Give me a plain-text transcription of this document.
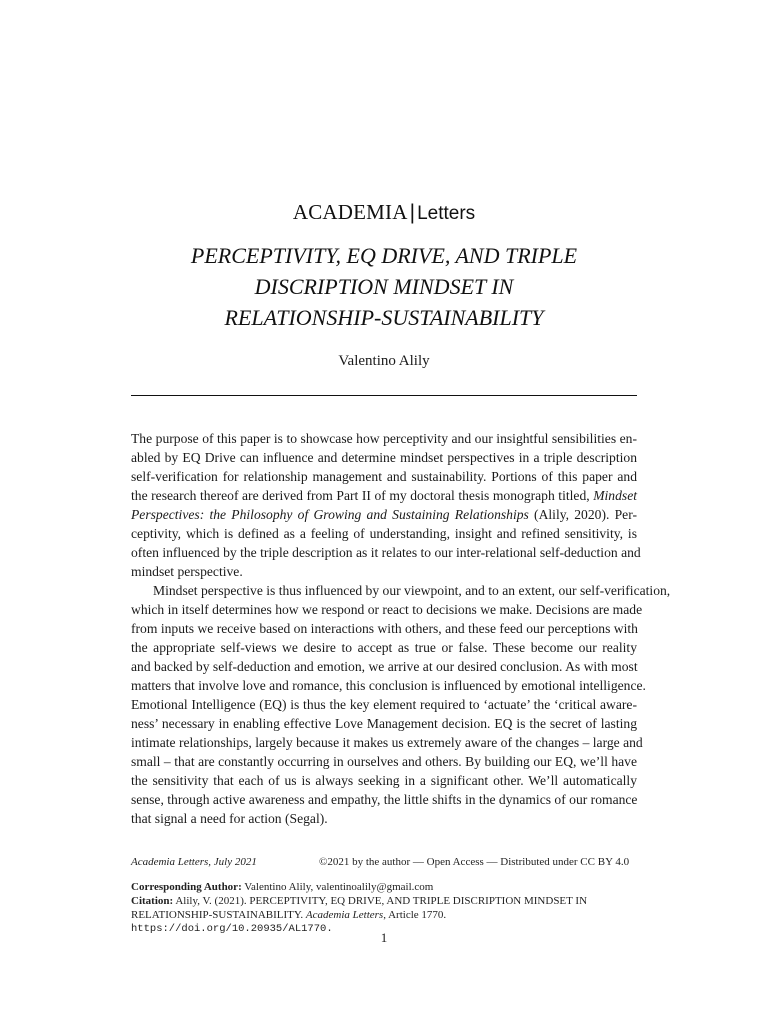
ACADEMIA| Letters
PERCEPTIVITY, EQ DRIVE, AND TRIPLE
DISCRIPTION MINDSET IN
RELATIONSHIP-SUSTAINABILITY
Valentino Alily
The purpose of this paper is to showcase how perceptivity and our insightful sensibilities en-
abled by EQ Drive can influence and determine mindset perspectives in a triple description
self-verification for relationship management and sustainability. Portions of this paper and
the research thereof are derived from Part II of my doctoral thesis monograph titled, Mindset
Perspectives: the Philosophy of Growing and Sustaining Relationships (Alily, 2020). Per-
ceptivity, which is defined as a feeling of understanding, insight and refined sensitivity, is
often influenced by the triple description as it relates to our inter-relational self-deduction and
mindset perspective.
Mindset perspective is thus influenced by our viewpoint, and to an extent, our self-verification,
which in itself determines how we respond or react to decisions we make. Decisions are made
from inputs we receive based on interactions with others, and these feed our perceptions with
the appropriate self-views we desire to accept as true or false. These become our reality
and backed by self-deduction and emotion, we arrive at our desired conclusion. As with most
matters that involve love and romance, this conclusion is influenced by emotional intelligence.
Emotional Intelligence (EQ) is thus the key element required to ‘actuate’ the ‘critical aware-
ness’ necessary in enabling effective Love Management decision. EQ is the secret of lasting
intimate relationships, largely because it makes us extremely aware of the changes – large and
small – that are constantly occurring in ourselves and others. By building our EQ, we’ll have
the sensitivity that each of us is always seeking in a significant other. We’ll automatically
sense, through active awareness and empathy, the little shifts in the dynamics of our romance
that signal a need for action (Segal).
Academia Letters, July 2021	©2021 by the author — Open Access — Distributed under CC BY 4.0
Corresponding Author: Valentino Alily, valentinoalily@gmail.com
Citation: Alily, V. (2021). PERCEPTIVITY, EQ DRIVE, AND TRIPLE DISCRIPTION MINDSET IN
RELATIONSHIP-SUSTAINABILITY. Academia Letters, Article 1770.
https://doi.org/10.20935/AL1770.
1
